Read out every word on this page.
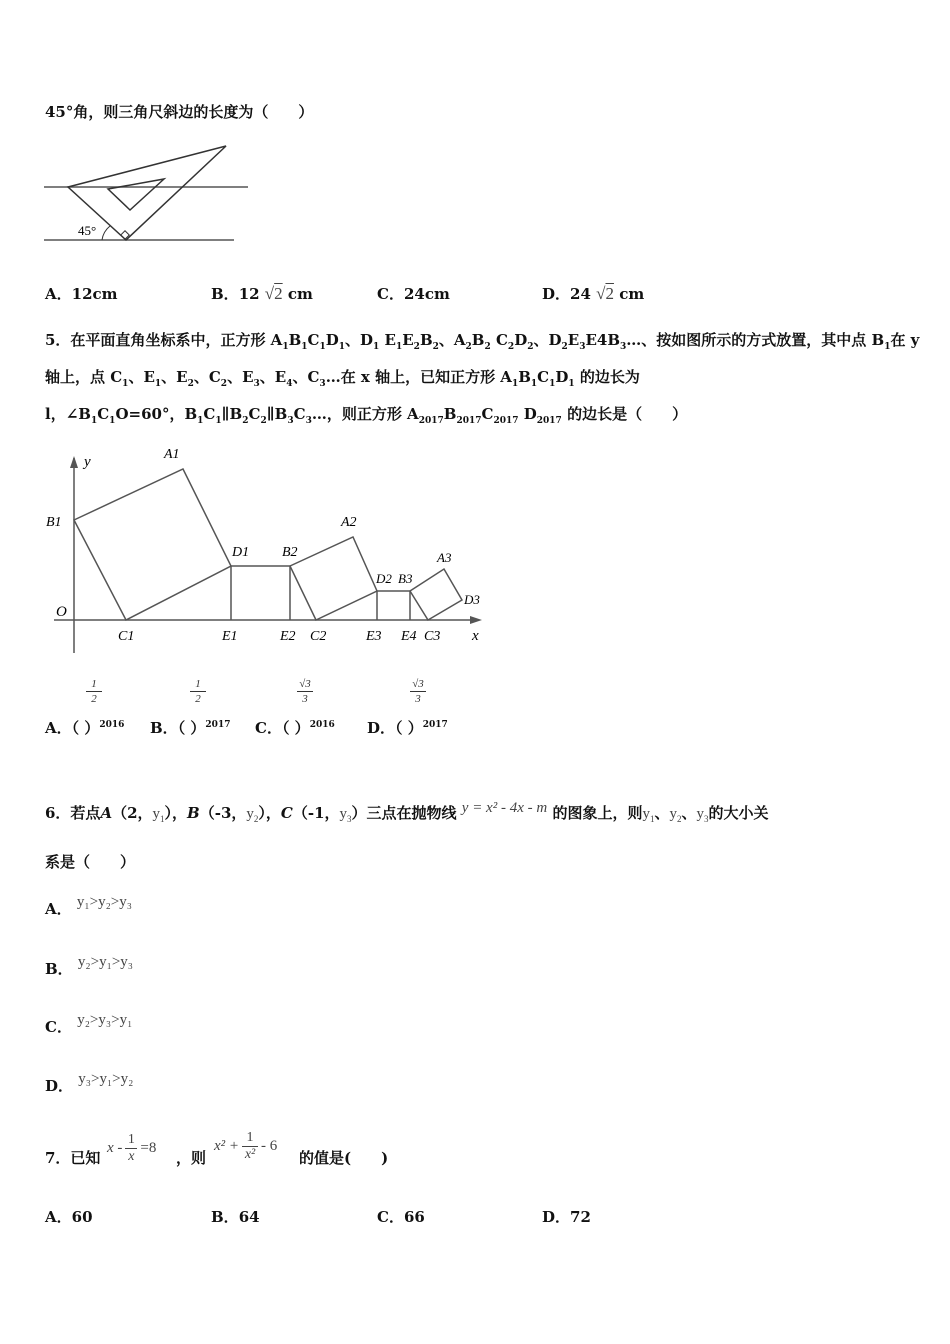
45°角，则三角尺斜边的长度为（　　）
45°
A．12cm	B．12 √2 cm	C．24cm	D．24 √2 cm
5．在平面直角坐标系中，正方形 $A_1B_1C_1D_1$、$D_1$ $E_1E_2B_2$、$A_2B_2$ $C_2D_2$、$D_2E_3E4B_3\dots$、按如图所示的方式放置，其中点 $B_1$在 y
轴上，点 $C_1$、$E_1$、$E_2$、$C_2$、$E_3$、$E_4$、$C_3\dots$在 x 轴上，已知正方形 $A_1B_1C_1D_1$ 的边长为
l，$\angle B_1C_1O=60^\circ$，$B_1C_1\parallel B_2C_2\parallel B_3C_3\dots$，则正方形 $A_{2017}B_{2017}C_{2017}$ $D_{2017}$ 的边长是（　　）
y
x
O
A1
B1
C1
D1
E1
B2
E2 C2
A2
D2 B3
E3 E4 C3
A3
D3
1
2
1
2
√3
3
√3
3
A．（ ）$^{2016}$ B．（ ）$^{2017}$ C．（ ）$^{2016}$ D．（ ）$^{2017}$
6．若点A（2，$y_1$），B（-3，$y_2$），C（-1，$y_3$）三点在抛物线 y = x² - 4x - m 的图象上，则$y_1$、$y_2$、$y_3$的大小关
系是（　　）
A． y₁>y₂>y₃
B． y₂>y₁>y₃
C． y₂>y₃>y₁
D． y₃>y₁>y₂
7．已知
x -
1
x
=8
，则
x² +
1
x²
- 6
的值是(　　)
A．60	B．64	C．66	D．72
